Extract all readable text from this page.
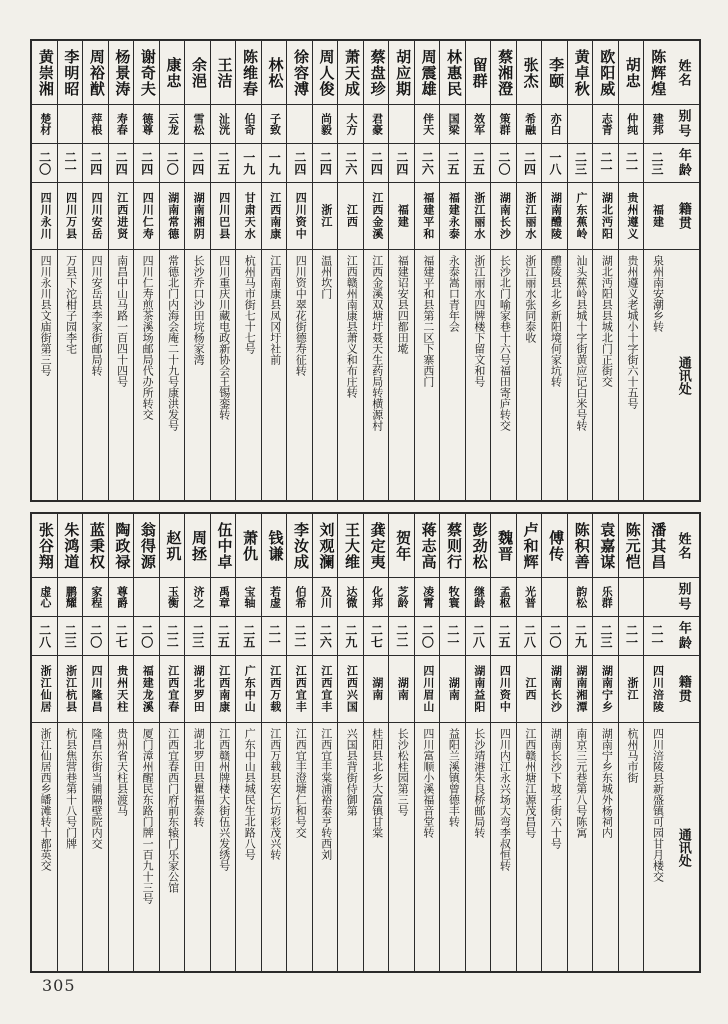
姓名
别号
年龄
籍贯
通讯处
陈辉煌
建邦
二三
福建
泉州南安潮乡转
胡忠
仲纯
二一
贵州遵义
贵州遵义老城小十字街六十五号
欧阳威
志青
二一
湖北沔阳
湖北沔阳县县城北门正街交
黄卓秋
二三
广东蕉岭
汕头蕉岭县城十字街黄应记白米号转
李颐
亦白
一八
湖南醴陵
醴陵县北乡新阳境何家坑转
张杰
希融
二四
浙江丽水
浙江丽水张同泰收
蔡湘澄
策群
二〇
湖南长沙
长沙北门喻家巷十六号福田寄庐转交
留群
效军
二五
浙江丽水
浙江丽水四牌楼下留文和号
林惠民
国梁
二五
福建永泰
永泰嵩口青年会
周震雄
伴天
二六
福建平和
福建平和县第二区下寨西门
胡应期
二四
福建
福建诏安县四都田墘
蔡盘珍
君豪
二四
江西金溪
江西金溪双塘圩聂天生药局转横源村
萧天成
大方
二六
江西
江西赣州南康县萧义和布庄转
周人俊
尚毅
二四
浙江
温州坎门
徐容溥
二四
四川资中
四川资中翠花街德寿征转
林松
子致
一九
江西南康
江西南康县凤冈圩社前
陈维春
伯奇
一九
甘肃天水
杭州马市街七十七号
王洁
沚洸
二五
四川巴县
四川重庆川藏电政新协会王锡銮转
余浥
雪松
二四
湖南湘阴
长沙乔口沙田垸杨家湾
康忠
云龙
二〇
湖南常德
常德北门内海会庵二十九号康洪发号
谢奇夫
德尊
二四
四川仁寿
四川仁寿煎茶溪场邮局代办所转交
杨景涛
寿春
二四
江西进贤
南昌中山马路一百四十四号
周裕猷
萍根
二四
四川安岳
四川安岳县李家街邮局转
李明昭
二一
四川万县
万县下沱柑子园李宅
黄崇湘
楚材
二〇
四川永川
四川永川县文庙街第三号
姓名
别号
年龄
籍贯
通讯处
潘其昌
二一
四川涪陵
四川涪陵县新盛镇可园甘月楼交
陈元恺
二一
浙江
杭州马市街
袁嘉谋
乐群
二三
湖南宁乡
湖南宁乡东城外杨祠内
陈积善
韵松
二九
湖南湘潭
南京三元巷第八号陈寓
傅传
二〇
湖南长沙
湖南长沙下坡子街六十号
卢和辉
光普
二八
江西
江西赣州塘江源茂昌号
魏晋
孟枢
二五
四川资中
四川内江永兴场大弯李叔恒转
彭劲松
继龄
二八
湖南益阳
长沙靖港朱良桥邮局转
蔡则行
牧寰
二一
湖南
益阳兰溪镇曾德丰转
蒋志高
凌霄
二〇
四川眉山
四川富顺小溪福音堂转
贺年
芝龄
二二
湖南
长沙松桂园第三号
龚定夷
化邦
二七
湖南
桂阳县北乡大富镇甘棠
王大维
达微
二九
江西兴国
兴国县背街侍御第
刘观澜
及川
二六
江西宜丰
江西宜丰棠浦裕泰亨转西刘
李汝成
伯希
二二
江西宜丰
江西宜丰澄塘仁和号交
钱谦
若虚
二一
江西万载
江西万载县安仁坊彩茂兴转
萧仇
宝轴
二五
广东中山
广东中山县城民生北路八号
伍中卓
禹章
二五
江西南康
江西赣州牌楼大街伍兴发绣号
周拯
济之
二三
湖北罗田
湖北罗田县瞿福泰转
赵玑
玉衡
二二
江西宜春
江西宜春西门府前东辕门乐家公馆
翁得源
二〇
福建龙溪
厦门漳州醒民东路门牌一百九十三号
陶政禄
尊爵
二七
贵州天柱
贵州省天柱县渡马
蓝秉权
家程
二〇
四川隆昌
隆昌东街当铺隔壁院内交
朱鸿道
鹏耀
二三
浙江杭县
杭县焦营巷第十八号门牌
张谷翔
虚心
二八
浙江仙居
浙江仙居西乡皤滩转十都英交
305
